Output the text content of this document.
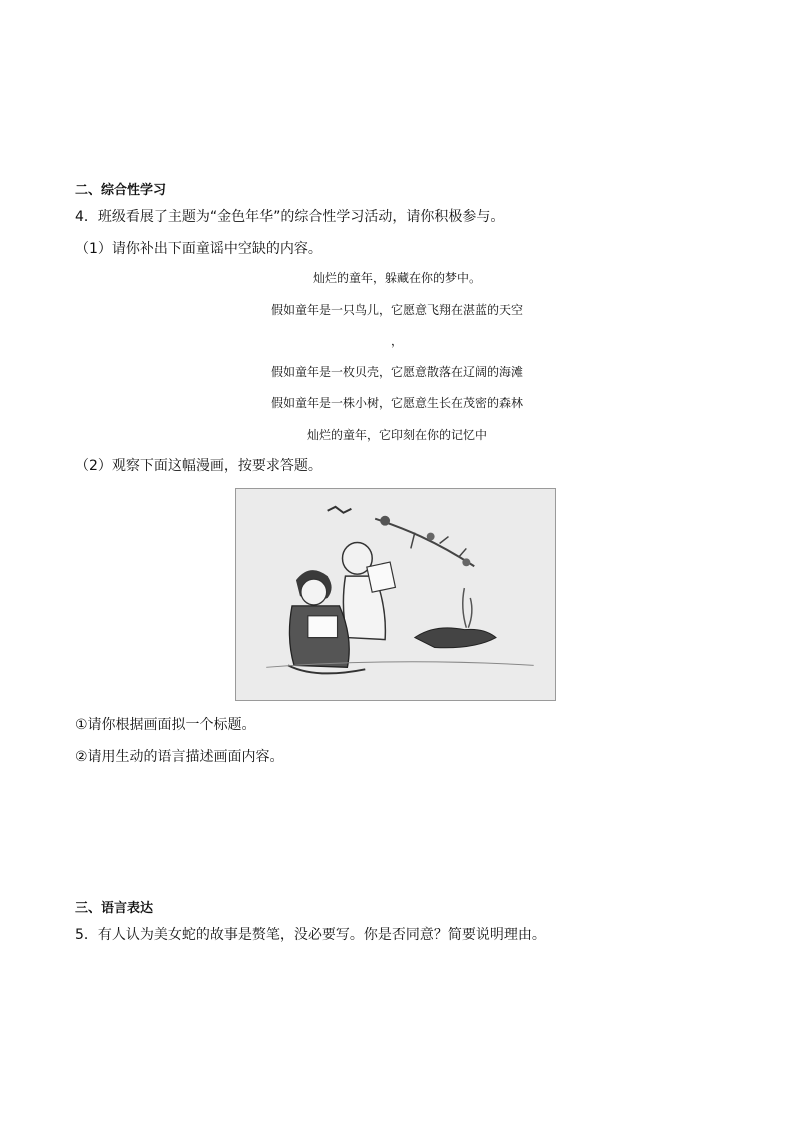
二、综合性学习
4．班级看展了主题为“金色年华”的综合性学习活动，请你积极参与。
（1）请你补出下面童谣中空缺的内容。
灿烂的童年，躲藏在你的梦中。
假如童年是一只鸟儿，它愿意飞翔在湛蓝的天空
，
假如童年是一枚贝壳，它愿意散落在辽阔的海滩
假如童年是一株小树，它愿意生长在茂密的森林
灿烂的童年，它印刻在你的记忆中
（2）观察下面这幅漫画，按要求答题。
①请你根据画面拟一个标题。
②请用生动的语言描述画面内容。
三、语言表达
5．有人认为美女蛇的故事是赘笔，没必要写。你是否同意？简要说明理由。
